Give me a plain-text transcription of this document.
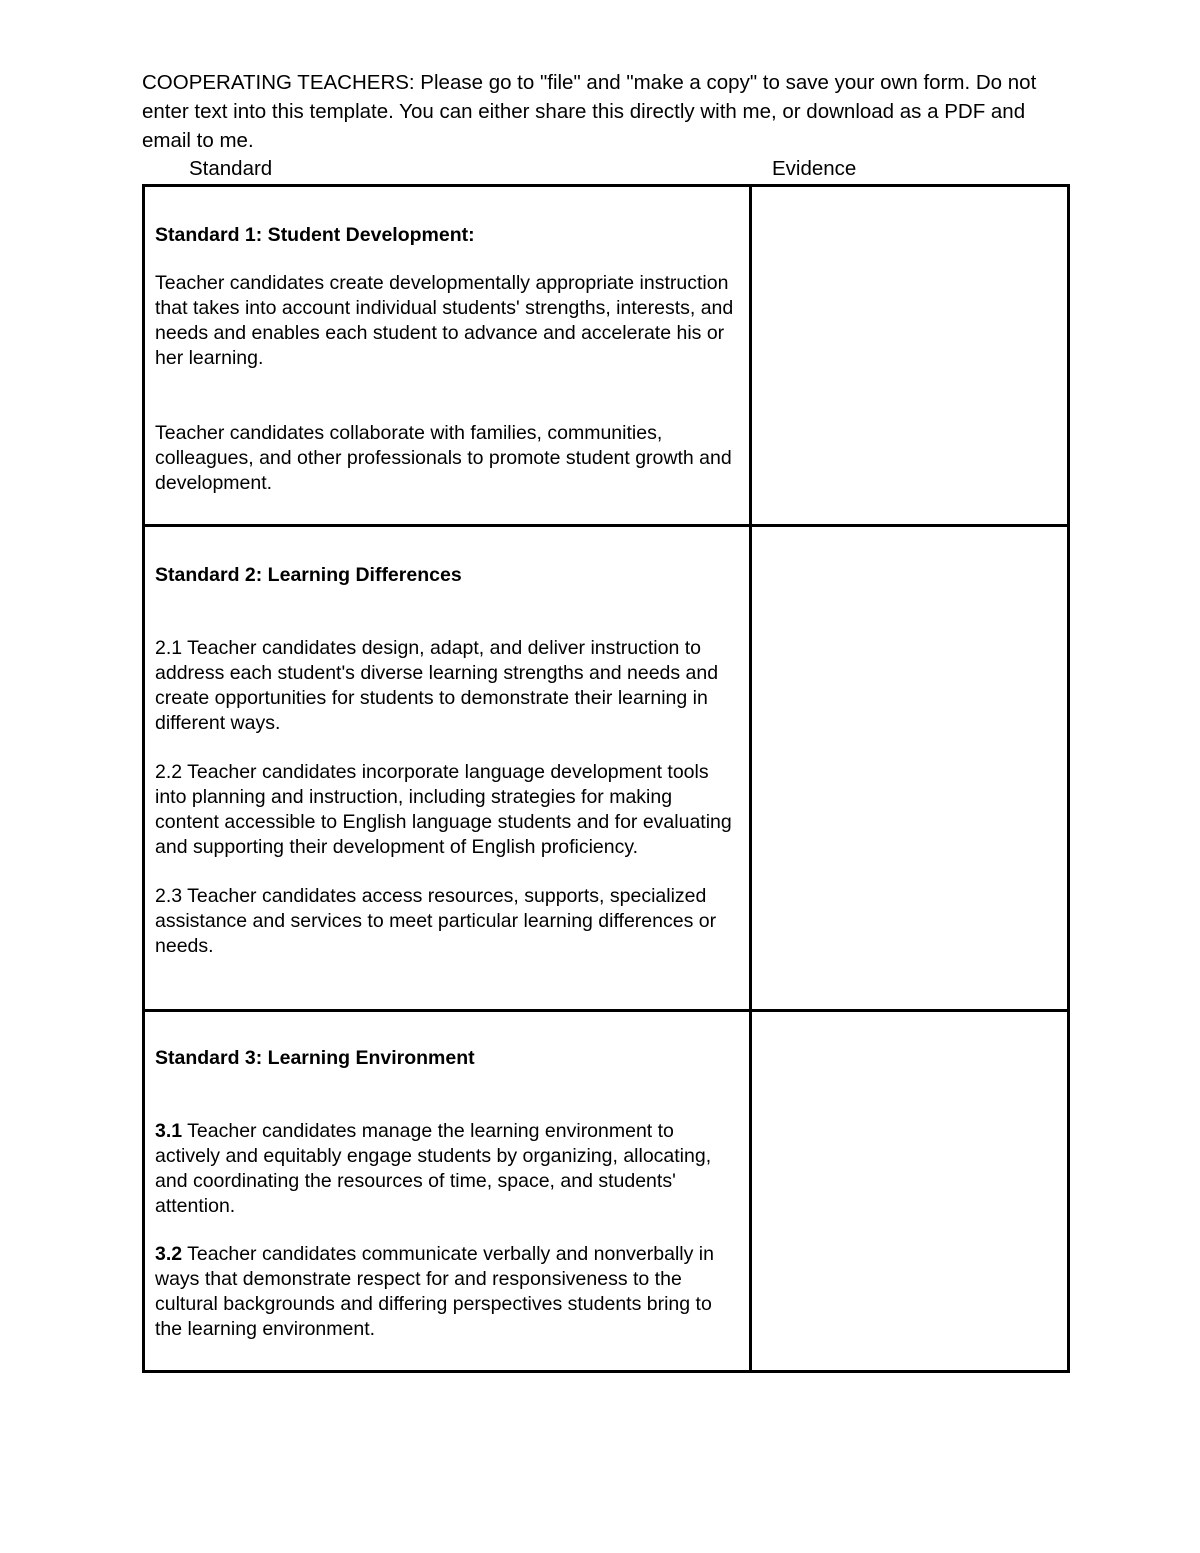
COOPERATING TEACHERS: Please go to "file" and "make a copy" to save your own form. Do not enter text into this template. You can either share this directly with me, or download as a PDF and email to me.

Standard	Evidence

Standard 1: Student Development:

Teacher candidates create developmentally appropriate instruction that takes into account individual students' strengths, interests, and needs and enables each student to advance and accelerate his or her learning.

Teacher candidates collaborate with families, communities, colleagues, and other professionals to promote student growth and development.	

Standard 2: Learning Differences

2.1 Teacher candidates design, adapt, and deliver instruction to address each student's diverse learning strengths and needs and create opportunities for students to demonstrate their learning in different ways.

2.2 Teacher candidates incorporate language development tools into planning and instruction, including strategies for making content accessible to English language students and for evaluating and supporting their development of English proficiency.

2.3 Teacher candidates access resources, supports, specialized assistance and services to meet particular learning differences or needs.	

Standard 3: Learning Environment

3.1 Teacher candidates manage the learning environment to actively and equitably engage students by organizing, allocating, and coordinating the resources of time, space, and students' attention.

3.2 Teacher candidates communicate verbally and nonverbally in ways that demonstrate respect for and responsiveness to the cultural backgrounds and differing perspectives students bring to the learning environment.	
